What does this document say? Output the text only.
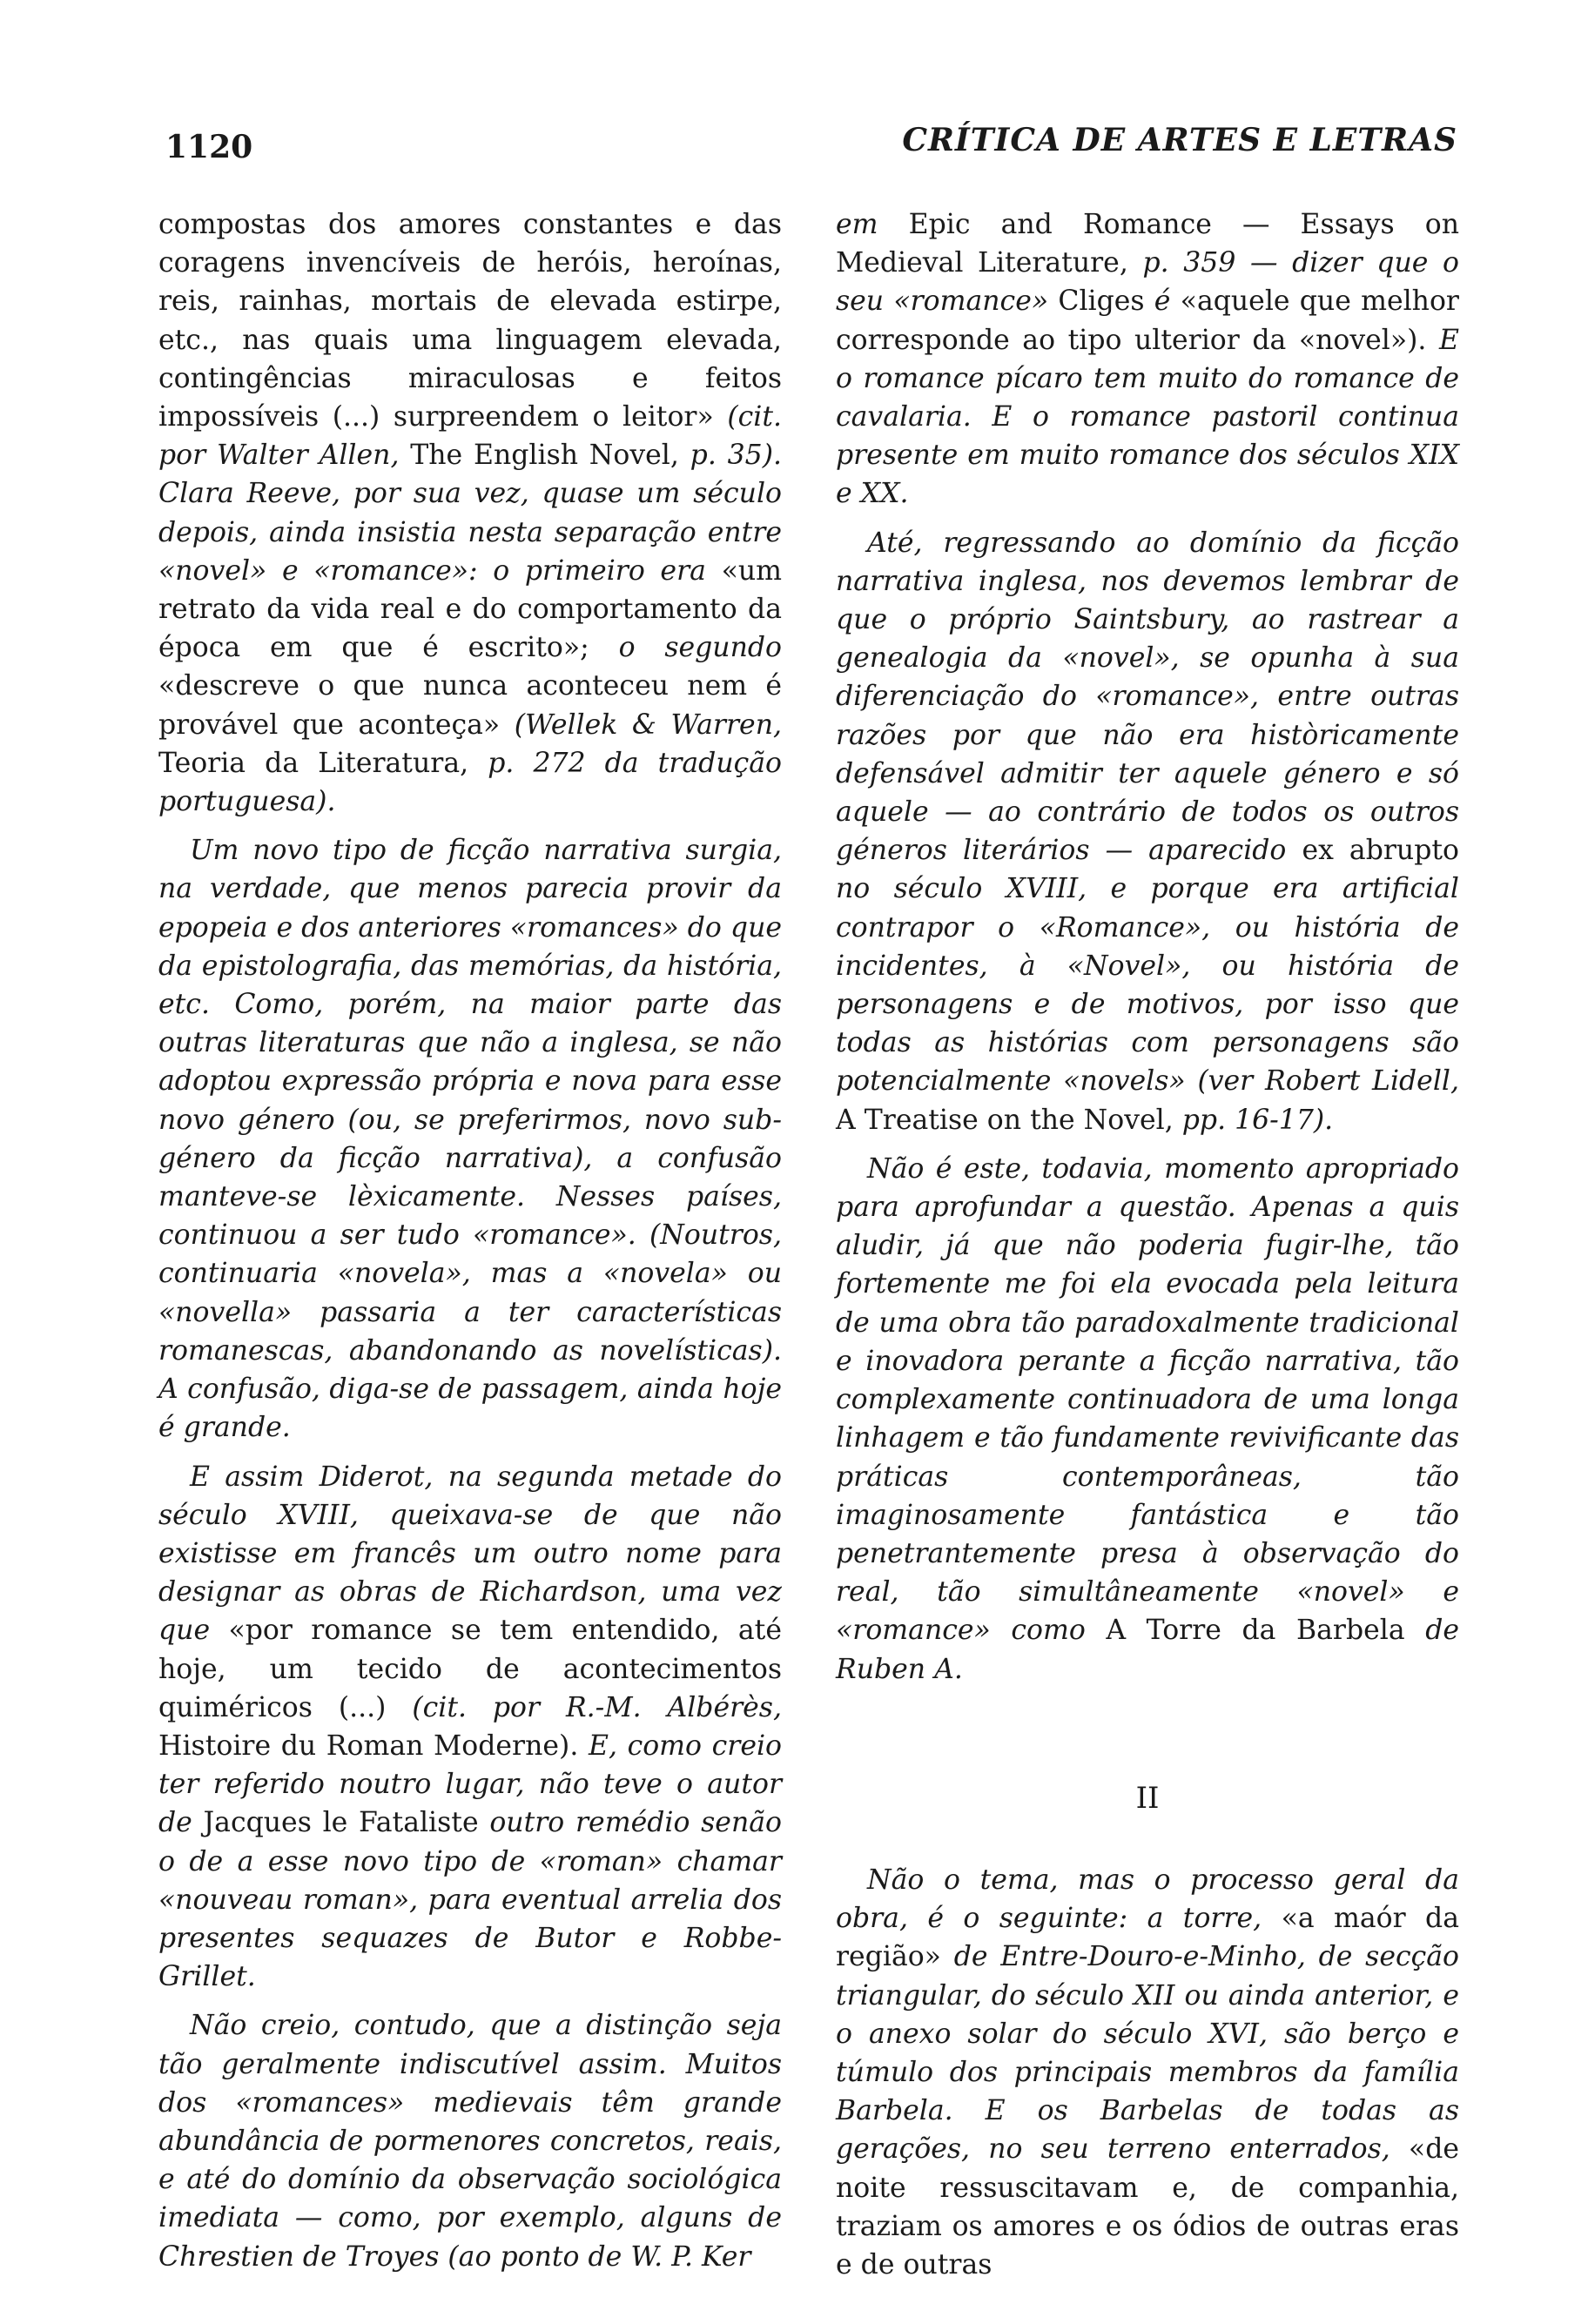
1120	CRÍTICA DE ARTES E LETRAS

compostas dos amores constantes e das coragens invencíveis de heróis, heroínas, reis, rainhas, mortais de elevada estirpe, etc., nas quais uma linguagem elevada, contingências miraculosas e feitos impossíveis (...) surpreendem o leitor» (cit. por Walter Allen, The English Novel, p. 35). Clara Reeve, por sua vez, quase um século depois, ainda insistia nesta separação entre «novel» e «romance»: o primeiro era «um retrato da vida real e do comportamento da época em que é escrito»; o segundo «descreve o que nunca aconteceu nem é provável que aconteça» (Wellek & Warren, Teoria da Literatura, p. 272 da tradução portuguesa).

Um novo tipo de ficção narrativa surgia, na verdade, que menos parecia provir da epopeia e dos anteriores «romances» do que da epistolografia, das memórias, da história, etc. Como, porém, na maior parte das outras literaturas que não a inglesa, se não adoptou expressão própria e nova para esse novo género (ou, se preferirmos, novo sub-género da ficção narrativa), a confusão manteve-se lèxicamente. Nesses países, continuou a ser tudo «romance». (Noutros, continuaria «novela», mas a «novela» ou «novella» passaria a ter características romanescas, abandonando as novelísticas). A confusão, diga-se de passagem, ainda hoje é grande.

E assim Diderot, na segunda metade do século XVIII, queixava-se de que não existisse em francês um outro nome para designar as obras de Richardson, uma vez que «por romance se tem entendido, até hoje, um tecido de acontecimentos quiméricos (...) (cit. por R.-M. Albérès, Histoire du Roman Moderne). E, como creio ter referido noutro lugar, não teve o autor de Jacques le Fataliste outro remédio senão o de a esse novo tipo de «roman» chamar «nouveau roman», para eventual arrelia dos presentes sequazes de Butor e Robbe-Grillet.

Não creio, contudo, que a distinção seja tão geralmente indiscutível assim. Muitos dos «romances» medievais têm grande abundância de pormenores concretos, reais, e até do domínio da observação sociológica imediata — como, por exemplo, alguns de Chrestien de Troyes (ao ponto de W. P. Ker

em Epic and Romance — Essays on Medieval Literature, p. 359 — dizer que o seu «romance» Cliges é «aquele que melhor corresponde ao tipo ulterior da «novel»). E o romance pícaro tem muito do romance de cavalaria. E o romance pastoril continua presente em muito romance dos séculos XIX e XX.

Até, regressando ao domínio da ficção narrativa inglesa, nos devemos lembrar de que o próprio Saintsbury, ao rastrear a genealogia da «novel», se opunha à sua diferenciação do «romance», entre outras razões por que não era històricamente defensável admitir ter aquele género e só aquele — ao contrário de todos os outros géneros literários — aparecido ex abrupto no século XVIII, e porque era artificial contrapor o «Romance», ou história de incidentes, à «Novel», ou história de personagens e de motivos, por isso que todas as histórias com personagens são potencialmente «novels» (ver Robert Lidell, A Treatise on the Novel, pp. 16-17).

Não é este, todavia, momento apropriado para aprofundar a questão. Apenas a quis aludir, já que não poderia fugir-lhe, tão fortemente me foi ela evocada pela leitura de uma obra tão paradoxalmente tradicional e inovadora perante a ficção narrativa, tão complexamente continuadora de uma longa linhagem e tão fundamente revivificante das práticas contemporâneas, tão imaginosamente fantástica e tão penetrantemente presa à observação do real, tão simultâneamente «novel» e «romance» como A Torre da Barbela de Ruben A.

II

Não o tema, mas o processo geral da obra, é o seguinte: a torre, «a maór da região» de Entre-Douro-e-Minho, de secção triangular, do século XII ou ainda anterior, e o anexo solar do século XVI, são berço e túmulo dos principais membros da família Barbela. E os Barbelas de todas as gerações, no seu terreno enterrados, «de noite ressuscitavam e, de companhia, traziam os amores e os ódios de outras eras e de outras
